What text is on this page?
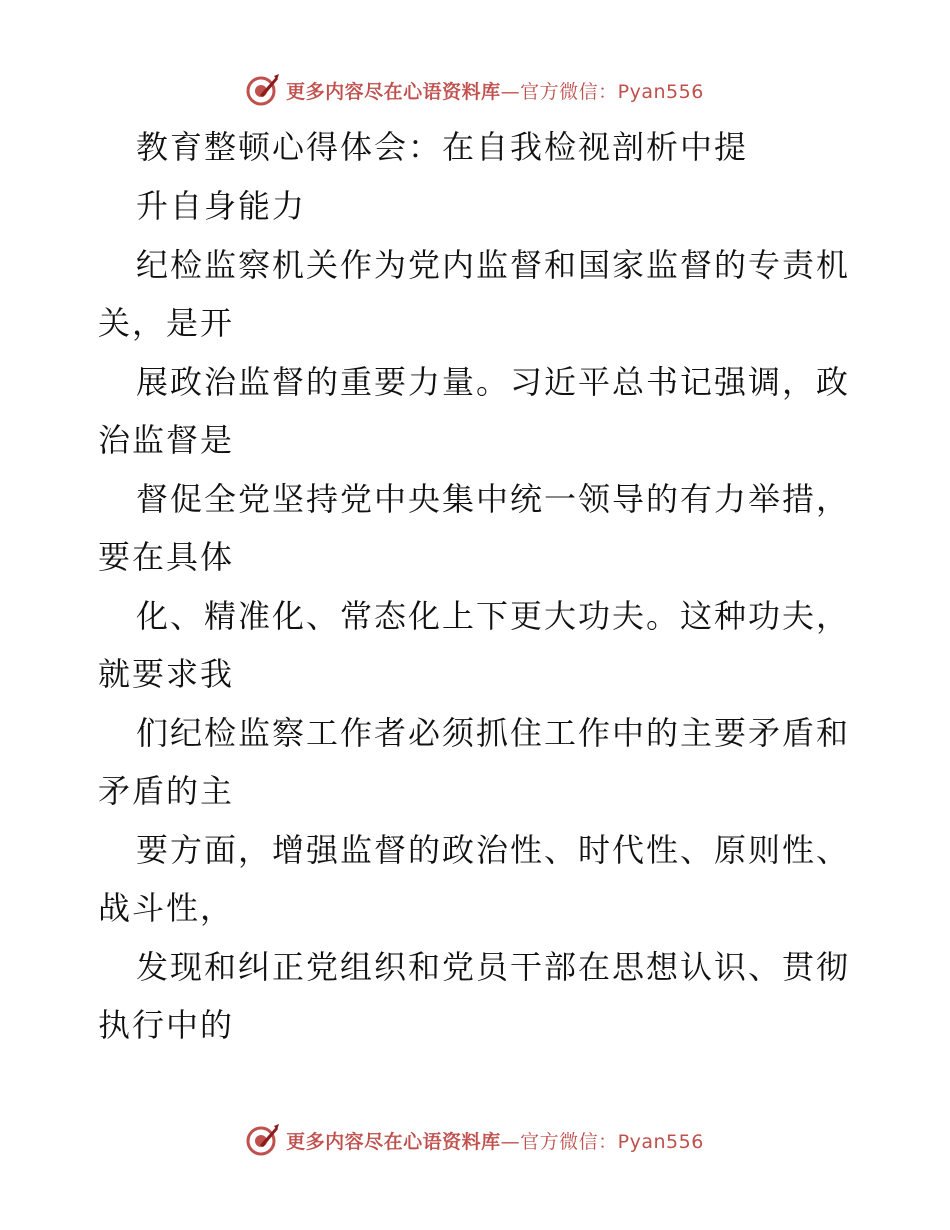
更多内容尽在心语资料库—官方微信：Pyan556
教育整顿心得体会：在自我检视剖析中提
升自身能力
纪检监察机关作为党内监督和国家监督的专责机
关，是开
展政治监督的重要力量。习近平总书记强调，政
治监督是
督促全党坚持党中央集中统一领导的有力举措，
要在具体
化、精准化、常态化上下更大功夫。这种功夫，
就要求我
们纪检监察工作者必须抓住工作中的主要矛盾和
矛盾的主
要方面，增强监督的政治性、时代性、原则性、
战斗性，
发现和纠正党组织和党员干部在思想认识、贯彻
执行中的
更多内容尽在心语资料库—官方微信：Pyan556
